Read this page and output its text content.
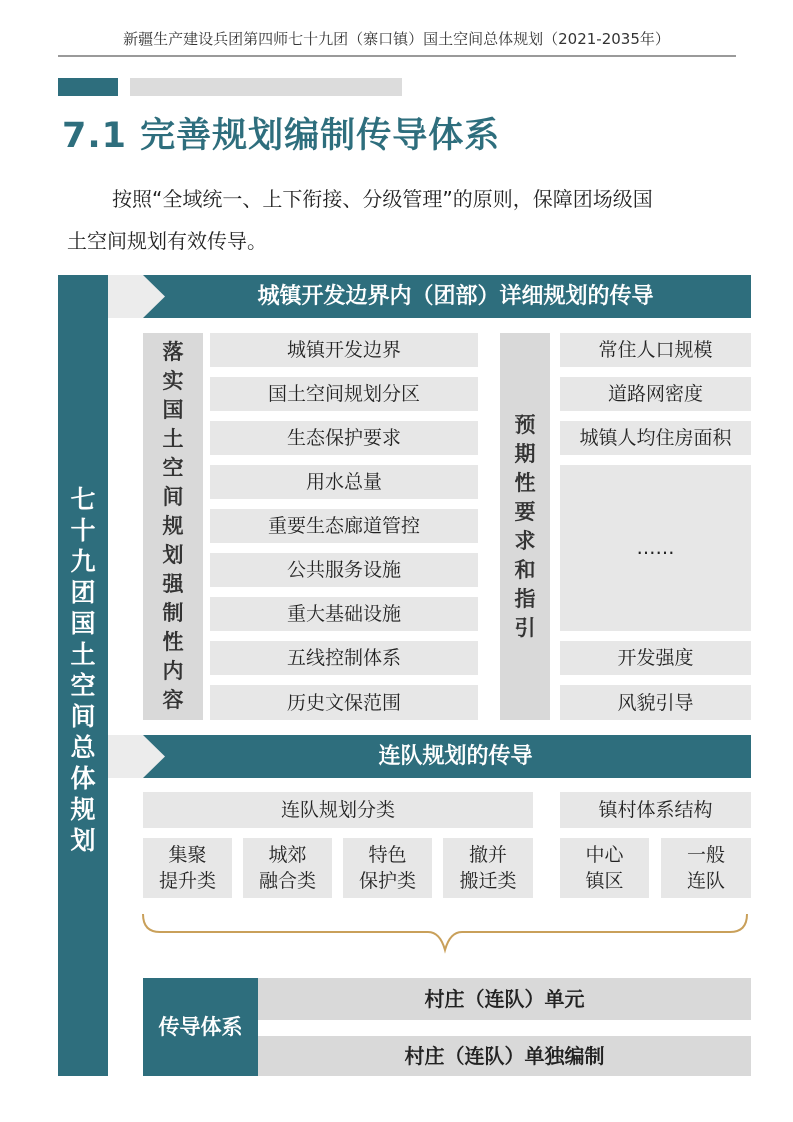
新疆生产建设兵团第四师七十九团（寨口镇）国土空间总体规划（2021-2035年）
7.1 完善规划编制传导体系
按照“全域统一、上下衔接、分级管理”的原则，保障团场级国
土空间规划有效传导。
七
十
九
团
国
土
空
间
总
体
规
划
城镇开发边界内（团部）详细规划的传导
落
实
国
土
空
间
规
划
强
制
性
内
容
城镇开发边界
国土空间规划分区
生态保护要求
用水总量
重要生态廊道管控
公共服务设施
重大基础设施
五线控制体系
历史文保范围
预
期
性
要
求
和
指
引
常住人口规模
道路网密度
城镇人均住房面积
……
开发强度
风貌引导
连队规划的传导
连队规划分类	镇村体系结构
集聚
提升类
城郊
融合类
特色
保护类
撤并
搬迁类
中心
镇区
一般
连队
传导体系
村庄（连队）单元
村庄（连队）单独编制
